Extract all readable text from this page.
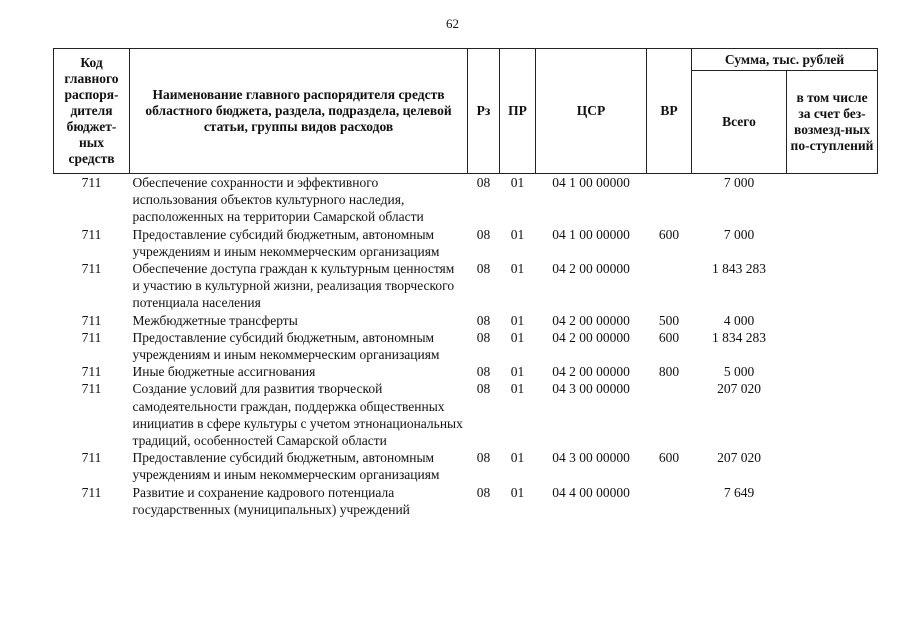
62
Код главного распоря-дителя бюджет-ных средств	Наименование главного распорядителя средств областного бюджета, раздела, подраздела, целевой статьи, группы видов расходов	Рз	ПР	ЦСР	ВР	Сумма, тыс. рублей	
						Всего	в том числе за счет без-возмезд-ных по-ступлений
711	Обеспечение сохранности и эффективного использования объектов культурного наследия, расположенных на территории Самарской области	08	01	04 1 00 00000		7 000	
711	Предоставление субсидий бюджетным, автономным учреждениям и иным некоммерческим организациям	08	01	04 1 00 00000	600	7 000	
711	Обеспечение доступа граждан к культурным ценностям и участию в культурной жизни, реализация творческого потенциала населения	08	01	04 2 00 00000		1 843 283	
711	Межбюджетные трансферты	08	01	04 2 00 00000	500	4 000	
711	Предоставление субсидий бюджетным, автономным учреждениям и иным некоммерческим организациям	08	01	04 2 00 00000	600	1 834 283	
711	Иные бюджетные ассигнования	08	01	04 2 00 00000	800	5 000	
711	Создание условий для развития творческой самодеятельности граждан, поддержка общественных инициатив в сфере культуры с учетом этнонациональных традиций, особенностей Самарской области	08	01	04 3 00 00000		207 020	
711	Предоставление субсидий бюджетным, автономным учреждениям и иным некоммерческим организациям	08	01	04 3 00 00000	600	207 020	
711	Развитие и сохранение кадрового потенциала государственных (муниципальных) учреждений	08	01	04 4 00 00000		7 649	
